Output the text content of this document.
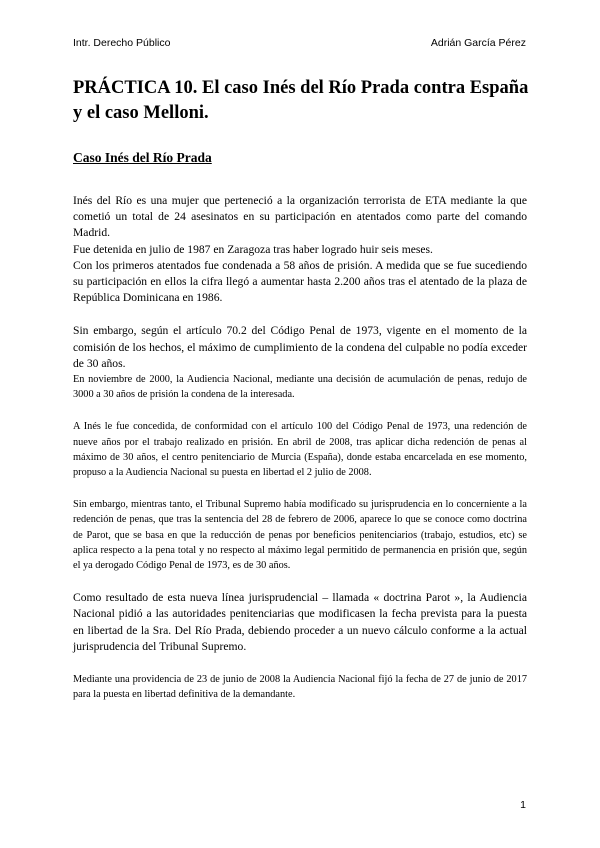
Intr. Derecho Público	Adrián García Pérez
PRÁCTICA 10. El caso Inés del Río Prada contra España y el caso Melloni.
Caso Inés del Río Prada

Inés del Río es una mujer que perteneció a la organización terrorista de ETA mediante la que cometió un total de 24 asesinatos en su participación en atentados como parte del comando Madrid.

Fue detenida en julio de 1987 en Zaragoza tras haber logrado huir seis meses.

Con los primeros atentados fue condenada a 58 años de prisión. A medida que se fue sucediendo su participación en ellos la cifra llegó a aumentar hasta 2.200 años tras el atentado de la plaza de República Dominicana en 1986.

Sin embargo, según el artículo 70.2 del Código Penal de 1973, vigente en el momento de la comisión de los hechos, el máximo de cumplimiento de la condena del culpable no podía exceder de 30 años.

En noviembre de 2000, la Audiencia Nacional, mediante una decisión de acumulación de penas, redujo de 3000 a 30 años de prisión la condena de la interesada.

A Inés le fue concedida, de conformidad con el artículo 100 del Código Penal de 1973, una redención de nueve años por el trabajo realizado en prisión. En abril de 2008, tras aplicar dicha redención de penas al máximo de 30 años, el centro penitenciario de Murcia (España), donde estaba encarcelada en ese momento, propuso a la Audiencia Nacional su puesta en libertad el 2 julio de 2008.

Sin embargo, mientras tanto, el Tribunal Supremo había modificado su jurisprudencia en lo concerniente a la redención de penas, que tras la sentencia del 28 de febrero de 2006, aparece lo que se conoce como doctrina de Parot, que se basa en que la reducción de penas por beneficios penitenciarios (trabajo, estudios, etc) se aplica respecto a la pena total y no respecto al máximo legal permitido de permanencia en prisión que, según el ya derogado Código Penal de 1973, es de 30 años.

Como resultado de esta nueva línea jurisprudencial – llamada « doctrina Parot », la Audiencia Nacional pidió a las autoridades penitenciarias que modificasen la fecha prevista para la puesta en libertad de la Sra. Del Río Prada, debiendo proceder a un nuevo cálculo conforme a la actual jurisprudencia del Tribunal Supremo.

Mediante una providencia de 23 de junio de 2008 la Audiencia Nacional fijó la fecha de 27 de junio de 2017 para la puesta en libertad definitiva de la demandante.

1
